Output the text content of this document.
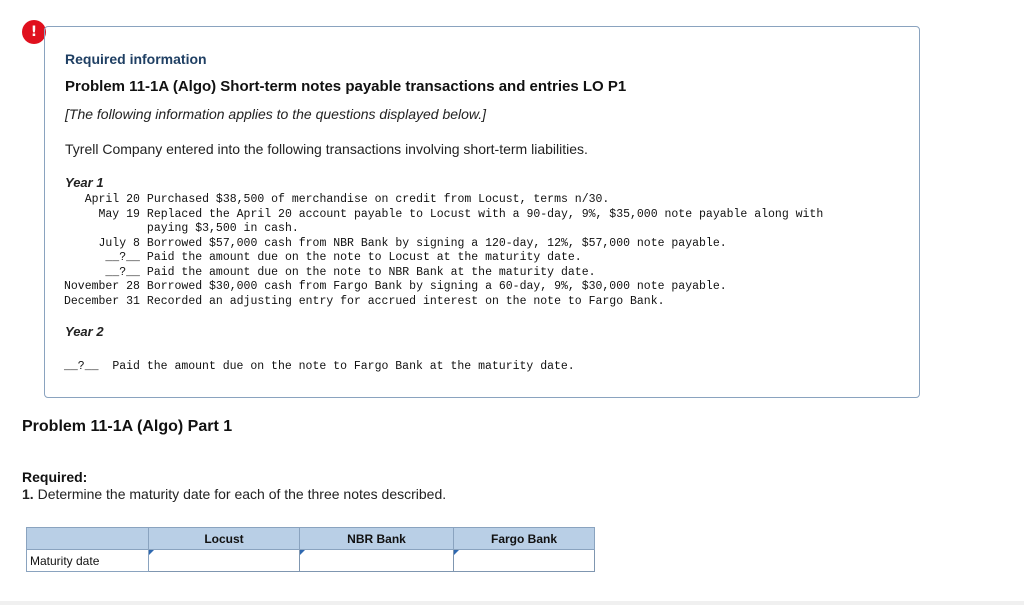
!
Required information
Problem 11-1A (Algo) Short-term notes payable transactions and entries LO P1
[The following information applies to the questions displayed below.]
Tyrell Company entered into the following transactions involving short-term liabilities.
Year 1
April 20	Purchased $38,500 of merchandise on credit from Locust, terms n/30.

May 19	Replaced the April 20 account payable to Locust with a 90-day, 9%, $35,000 note payable along with paying $3,500 in cash.

July 8	Borrowed $57,000 cash from NBR Bank by signing a 120-day, 12%, $57,000 note payable.

__?__	Paid the amount due on the note to Locust at the maturity date.

__?__	Paid the amount due on the note to NBR Bank at the maturity date.

November 28	Borrowed $30,000 cash from Fargo Bank by signing a 60-day, 9%, $30,000 note payable.

December 31	Recorded an adjusting entry for accrued interest on the note to Fargo Bank.
Year 2
__?__ Paid the amount due on the note to Fargo Bank at the maturity date.
Problem 11-1A (Algo) Part 1
Required:
1. Determine the maturity date for each of the three notes described.
	Locust	NBR Bank	Fargo Bank
Maturity date			
